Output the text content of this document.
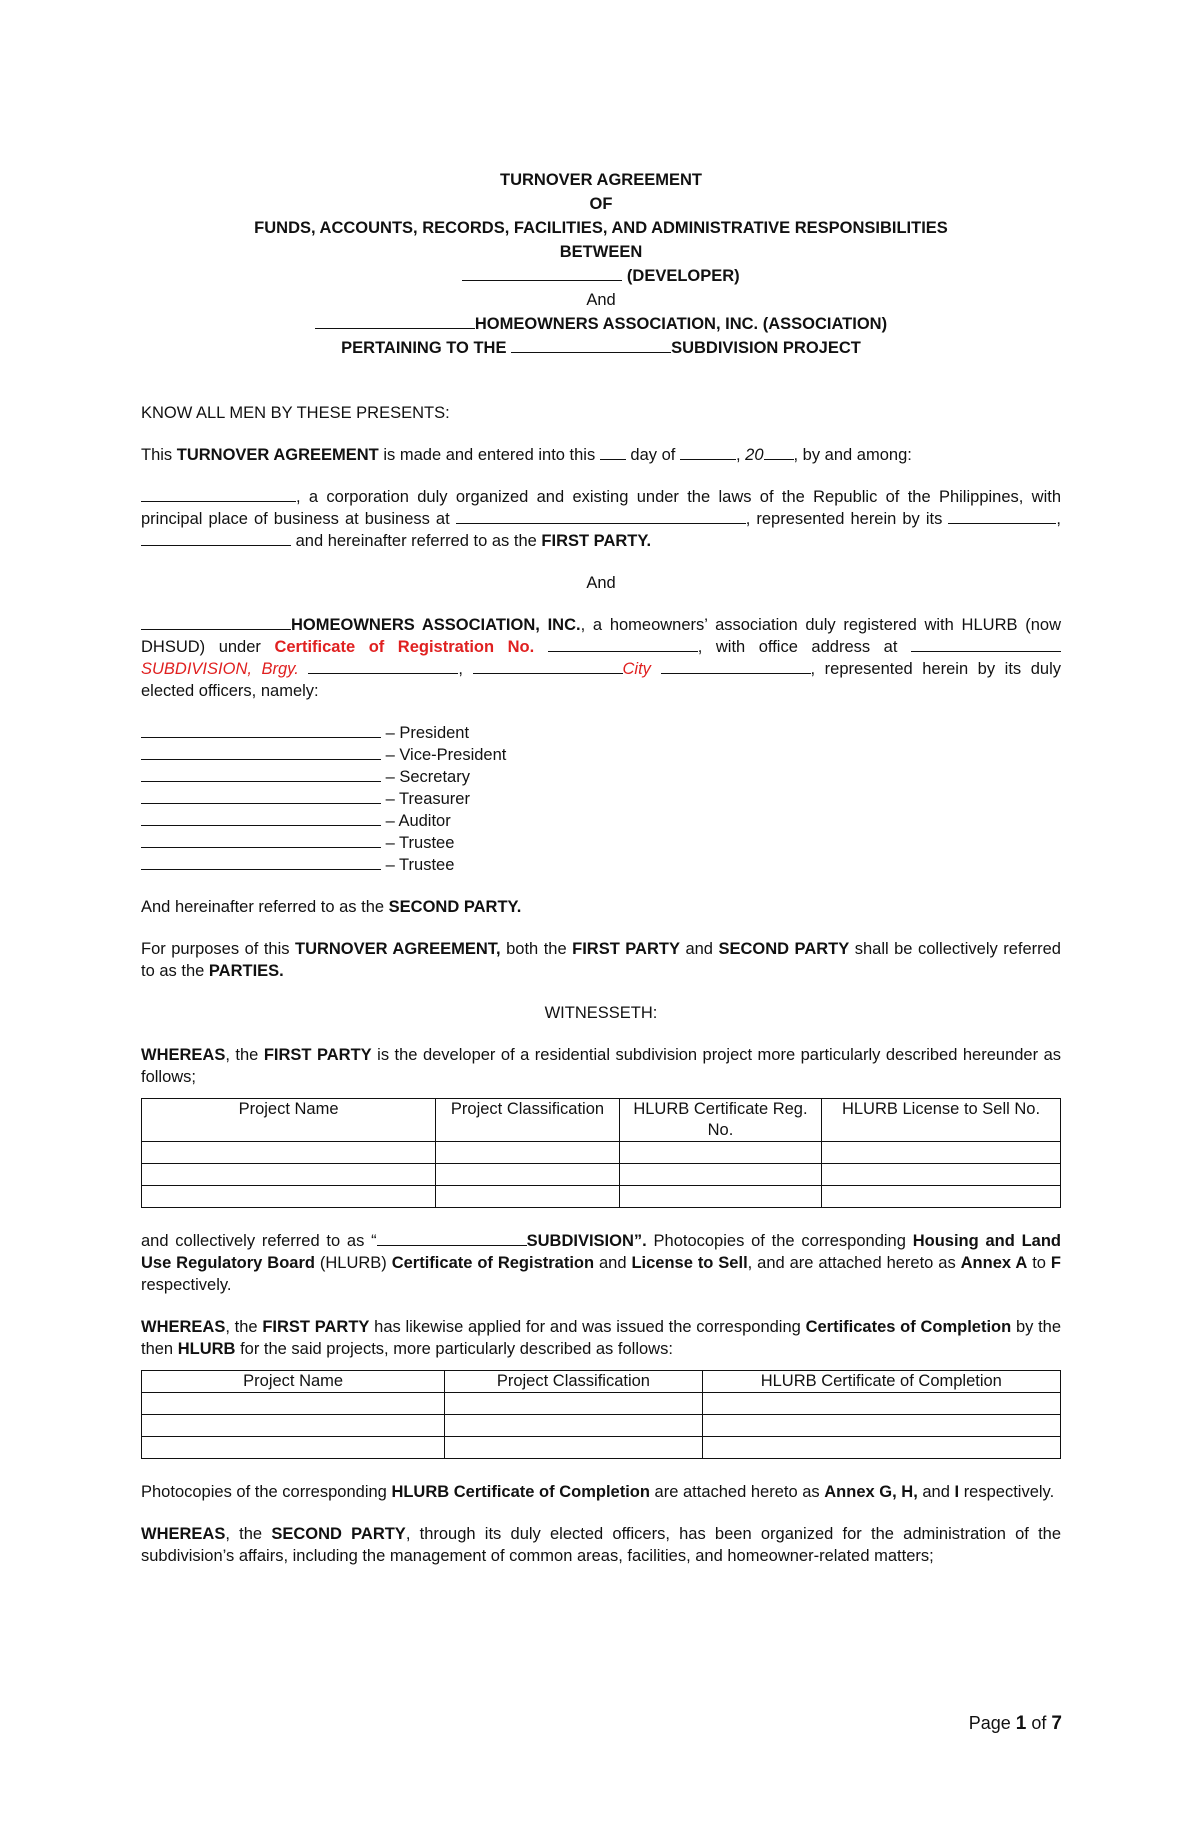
TURNOVER AGREEMENT
OF
FUNDS, ACCOUNTS, RECORDS, FACILITIES, AND ADMINISTRATIVE RESPONSIBILITIES
BETWEEN
(DEVELOPER)
And
HOMEOWNERS ASSOCIATION, INC. (ASSOCIATION)
PERTAINING TO THE	SUBDIVISION PROJECT

KNOW ALL MEN BY THESE PRESENTS:

This TURNOVER AGREEMENT is made and entered into this day of	, 20 , by and among:

, a corporation duly organized and existing under the laws of the Republic of the Philippines, with principal place of business at business at	, represented herein by its	,  and hereinafter referred to as the FIRST PARTY.

And

HOMEOWNERS ASSOCIATION, INC., a homeowners’ association duly registered with HLURB (now DHSUD) under Certificate of Registration No.	, with office address at SUBDIVISION, Brgy.	,	City	, represented herein by its duly elected officers, namely:

– President
– Vice-President
– Secretary
– Treasurer
– Auditor
– Trustee
– Trustee

And hereinafter referred to as the SECOND PARTY.

For purposes of this TURNOVER AGREEMENT, both the FIRST PARTY and SECOND PARTY shall be collectively referred to as the PARTIES.

WITNESSETH:

WHEREAS, the FIRST PARTY is the developer of a residential subdivision project more particularly described hereunder as follows;

Project Name	Project Classification	HLURB Certificate Reg. No.	HLURB License to Sell No.

and collectively referred to as “	SUBDIVISION”. Photocopies of the corresponding Housing and Land Use Regulatory Board (HLURB) Certificate of Registration and License to Sell, and are attached hereto as Annex A to F respectively.

WHEREAS, the FIRST PARTY has likewise applied for and was issued the corresponding Certificates of Completion by the then HLURB for the said projects, more particularly described as follows:

Project Name	Project Classification	HLURB Certificate of Completion

Photocopies of the corresponding HLURB Certificate of Completion are attached hereto as Annex G, H, and I respectively.

WHEREAS, the SECOND PARTY, through its duly elected officers, has been organized for the administration of the subdivision’s affairs, including the management of common areas, facilities, and homeowner-related matters;

Page 1 of 7
